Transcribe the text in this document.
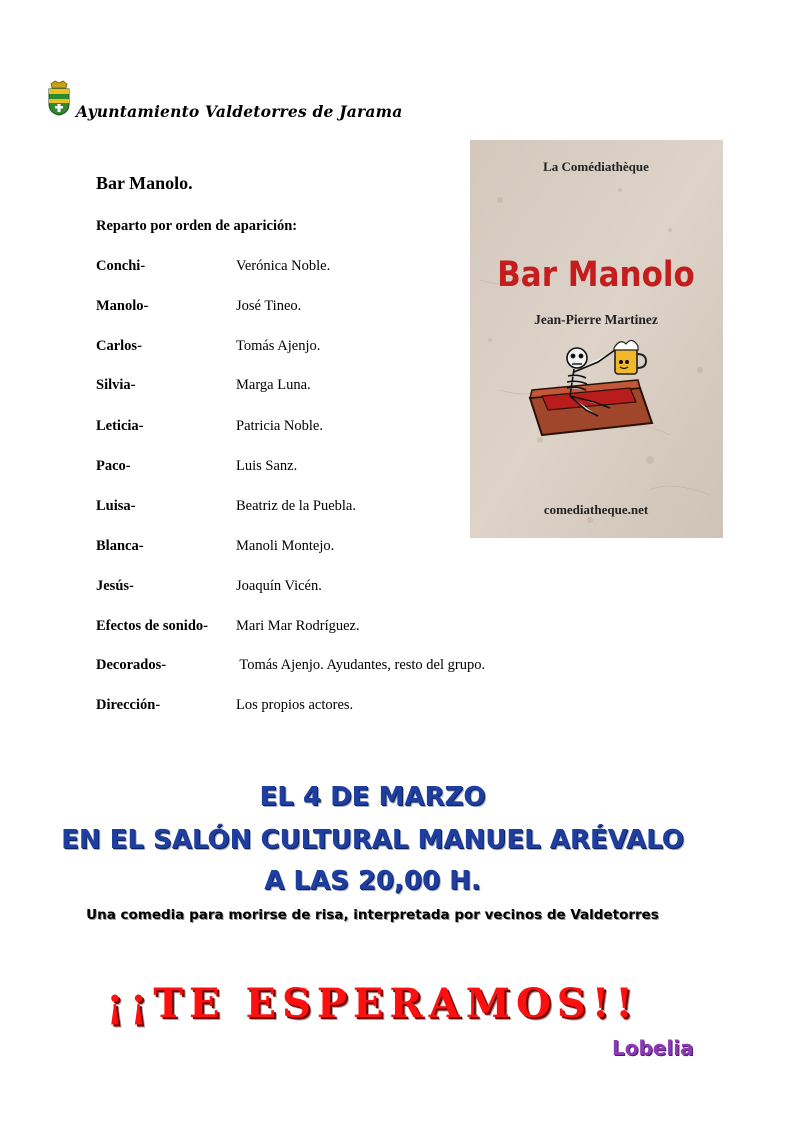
Ayuntamiento Valdetorres de Jarama
Bar Manolo.
Reparto por orden de aparición:
Conchi-	Verónica Noble.
Manolo-	José Tineo.
Carlos-	Tomás Ajenjo.
Silvia-	Marga Luna.
Leticia-	Patricia Noble.
Paco-	Luis Sanz.
Luisa-	Beatriz de la Puebla.
Blanca-	Manoli Montejo.
Jesús-	Joaquín Vicén.
Efectos de sonido- Mari Mar Rodríguez.
Decorados-	Tomás Ajenjo. Ayudantes, resto del grupo.
Dirección-	Los propios actores.
La Comédiathèque
Bar Manolo
Jean-Pierre Martinez
comediatheque.net
EL 4 DE MARZO
EN EL SALÓN CULTURAL MANUEL ARÉVALO
A LAS 20,00 H.
Una comedia para morirse de risa, interpretada por vecinos de Valdetorres
¡¡TE ESPERAMOS!!
Lobelia
